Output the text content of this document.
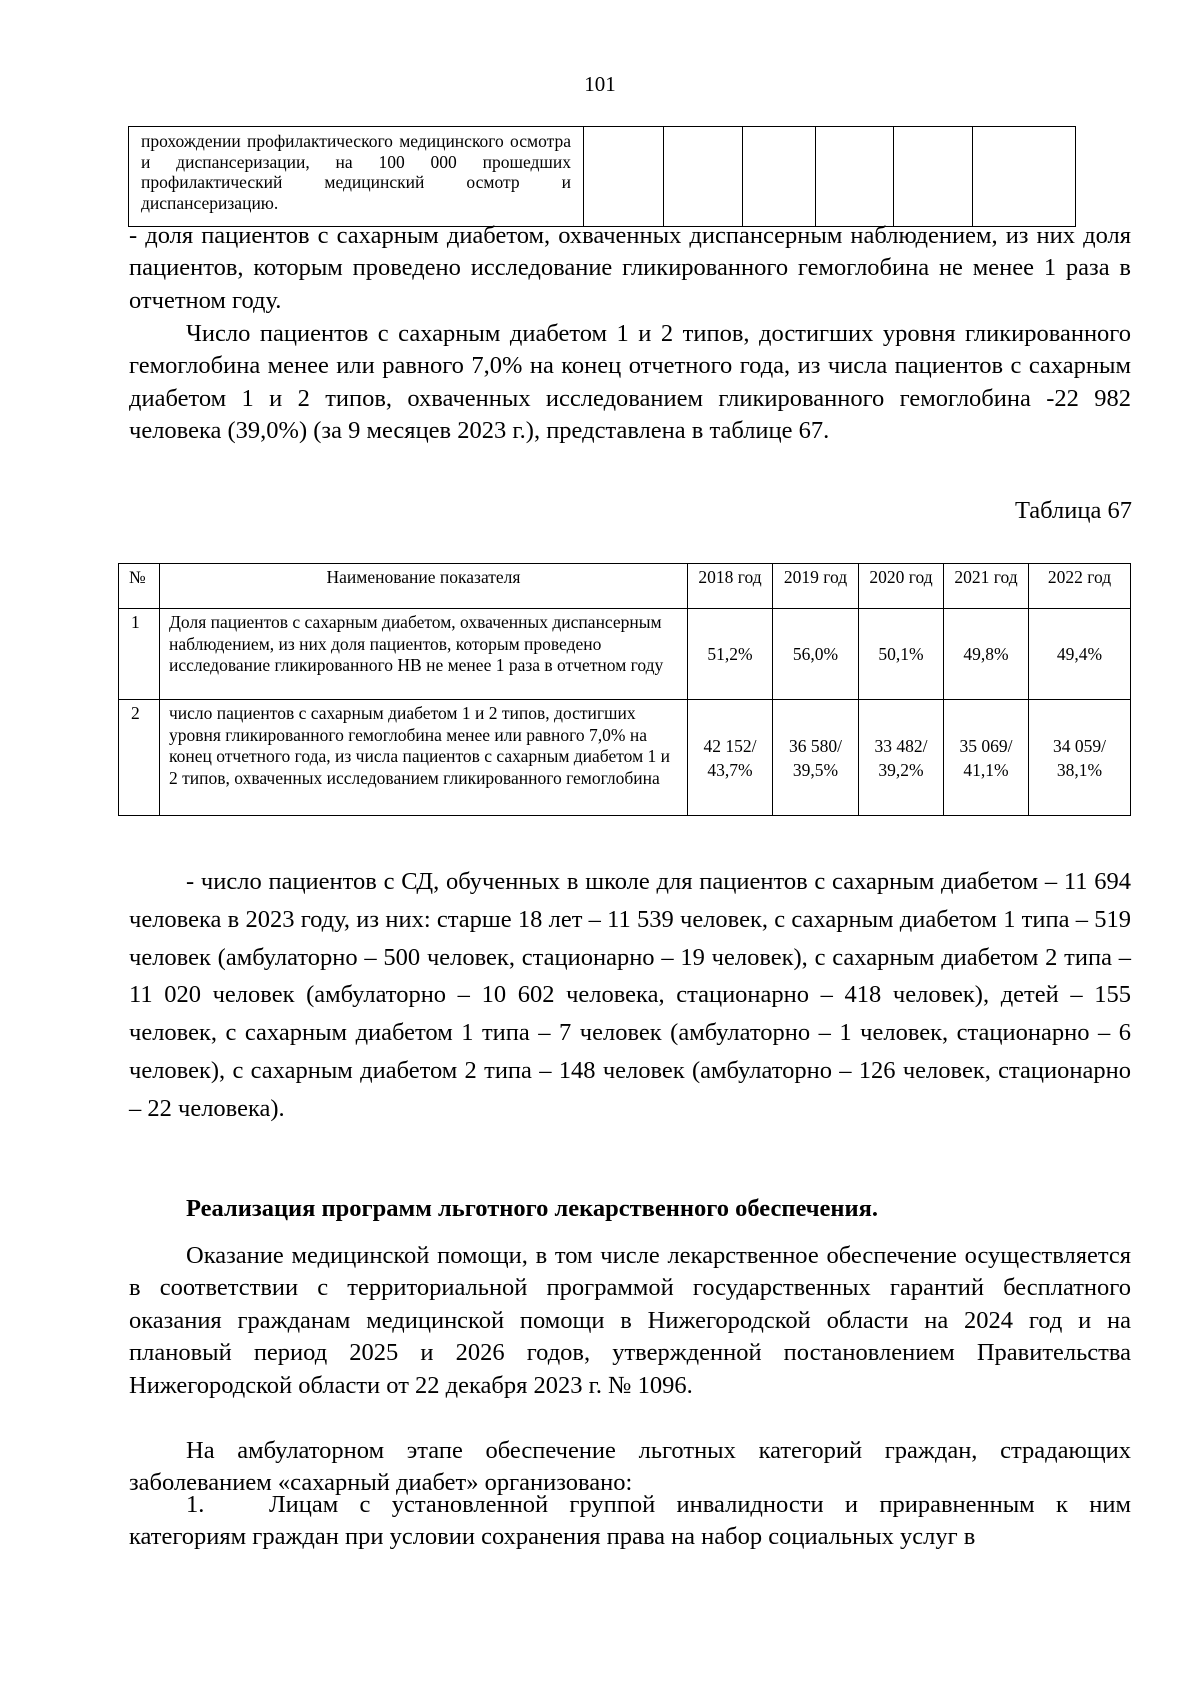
101
прохождении профилактического медицинского осмотра и диспансеризации, на 100 000 прошедших профилактический медицинский осмотр и
диспансеризацию.

- доля пациентов с сахарным диабетом, охваченных диспансерным наблюдением, из них доля пациентов, которым проведено исследование гликированного гемоглобина не менее 1 раза в отчетном году.

Число пациентов с сахарным диабетом 1 и 2 типов, достигших уровня гликированного гемоглобина менее или равного 7,0% на конец отчетного года, из числа пациентов с сахарным диабетом 1 и 2 типов, охваченных исследованием гликированного гемоглобина -22 982 человека (39,0%) (за 9 месяцев 2023 г.), представлена в таблице 67.

Таблица 67
№	Наименование показателя	2018 год	2019 год	2020 год	2021 год	2022 год
1	Доля пациентов с сахарным диабетом, охваченных диспансерным наблюдением, из них доля пациентов, которым проведено исследование гликированного НВ не менее 1 раза в отчетном году	51,2%	56,0%	50,1%	49,8%	49,4%
2	число пациентов с сахарным диабетом 1 и 2 типов, достигших уровня гликированного гемоглобина менее или равного 7,0% на конец отчетного года, из числа пациентов с сахарным диабетом 1 и 2 типов, охваченных исследованием гликированного гемоглобина	42 152/ 43,7%	36 580/ 39,5%	33 482/ 39,2%	35 069/ 41,1%	34 059/ 38,1%

- число пациентов с СД, обученных в школе для пациентов с сахарным диабетом – 11 694 человека в 2023 году, из них: старше 18 лет – 11 539 человек, с сахарным диабетом 1 типа – 519 человек (амбулаторно – 500 человек, стационарно – 19 человек), с сахарным диабетом 2 типа – 11 020 человек (амбулаторно – 10 602 человека, стационарно – 418 человек), детей – 155 человек, с сахарным диабетом 1 типа – 7 человек (амбулаторно – 1 человек, стационарно – 6 человек), с сахарным диабетом 2 типа – 148 человек (амбулаторно – 126 человек, стационарно – 22 человека).

Реализация программ льготного лекарственного обеспечения.

Оказание медицинской помощи, в том числе лекарственное обеспечение осуществляется в соответствии с территориальной программой государственных гарантий бесплатного оказания гражданам медицинской помощи в Нижегородской области на 2024 год и на плановый период 2025 и 2026 годов, утвержденной постановлением Правительства Нижегородской области от 22 декабря 2023 г. № 1096.

На амбулаторном этапе обеспечение льготных категорий граждан, страдающих заболеванием «сахарный диабет» организовано:

1.	Лицам с установленной группой инвалидности и приравненным к ним категориям граждан при условии сохранения права на набор социальных услуг в
